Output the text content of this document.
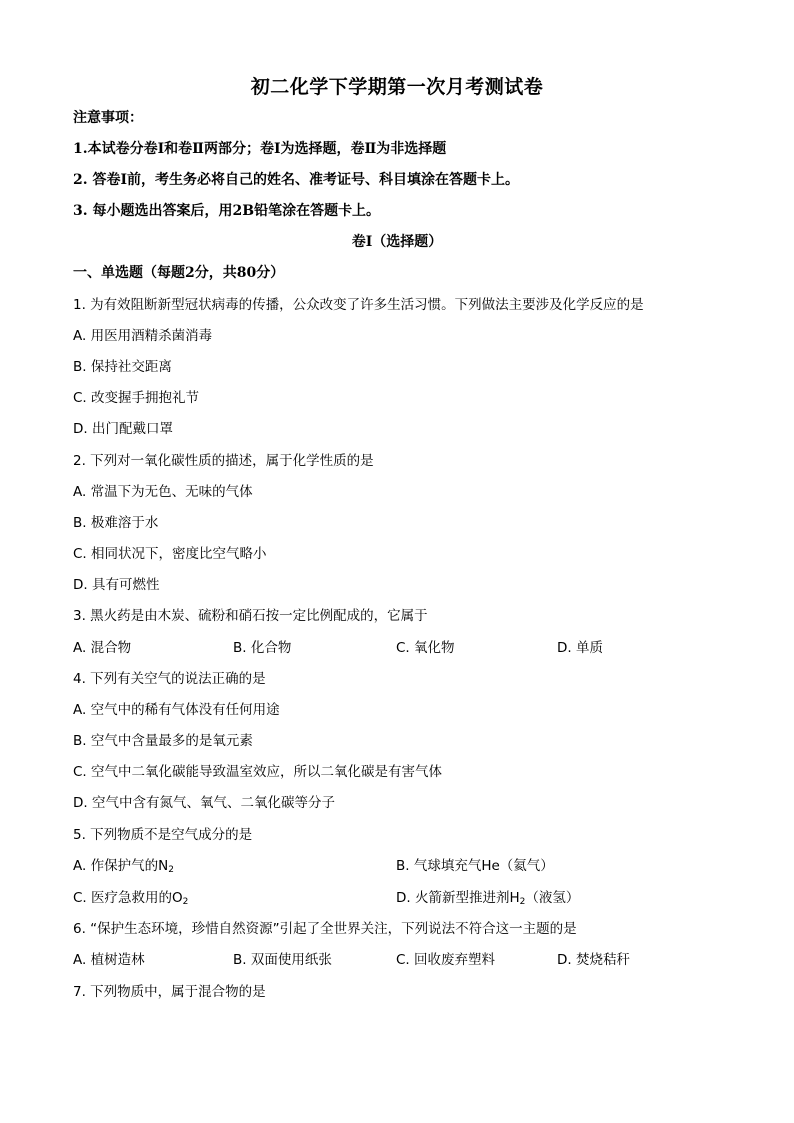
初二化学下学期第一次月考测试卷
注意事项：
1.本试卷分卷Ⅰ和卷Ⅱ两部分；卷Ⅰ为选择题，卷Ⅱ为非选择题
2. 答卷Ⅰ前，考生务必将自己的姓名、准考证号、科目填涂在答题卡上。
3. 每小题选出答案后，用2B铅笔涂在答题卡上。
卷Ⅰ（选择题）
一、单选题（每题2分，共80分）
1. 为有效阻断新型冠状病毒的传播，公众改变了许多生活习惯。下列做法主要涉及化学反应的是
A. 用医用酒精杀菌消毒
B. 保持社交距离
C. 改变握手拥抱礼节
D. 出门配戴口罩
2. 下列对一氧化碳性质的描述，属于化学性质的是
A. 常温下为无色、无味的气体
B. 极难溶于水
C. 相同状况下，密度比空气略小
D. 具有可燃性
3. 黑火药是由木炭、硫粉和硝石按一定比例配成的，它属于
A. 混合物	B. 化合物	C. 氧化物	D. 单质
4. 下列有关空气的说法正确的是
A. 空气中的稀有气体没有任何用途
B. 空气中含量最多的是氧元素
C. 空气中二氧化碳能导致温室效应，所以二氧化碳是有害气体
D. 空气中含有氮气、氧气、二氧化碳等分子
5. 下列物质不是空气成分的是
A. 作保护气的$N_2$	B. 气球填充气He（氦气）
C. 医疗急救用的$O_2$	D. 火箭新型推进剂$H_2$（液氢）
6. “保护生态环境，珍惜自然资源”引起了全世界关注，下列说法不符合这一主题的是
A. 植树造林	B. 双面使用纸张	C. 回收废弃塑料	D. 焚烧秸秆
7. 下列物质中，属于混合物的是
